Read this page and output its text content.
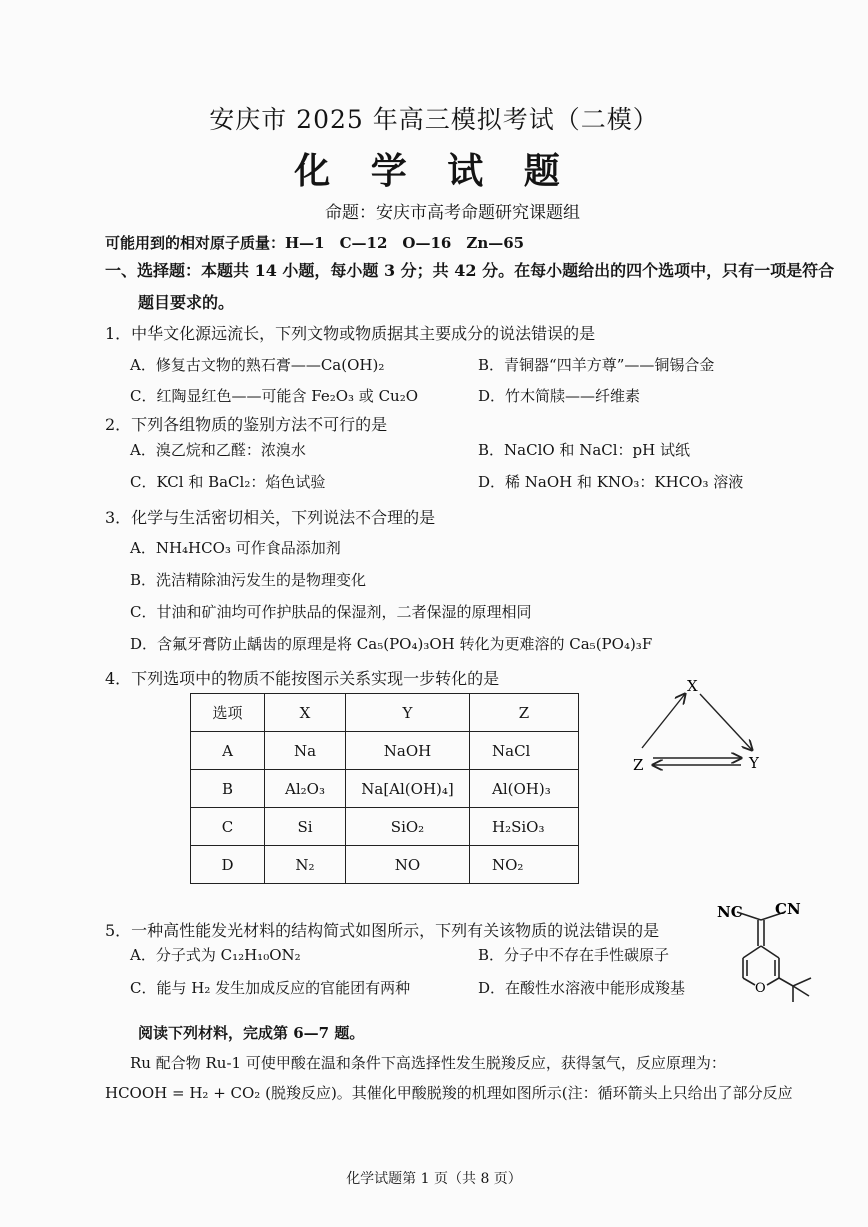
安庆市 2025 年高三模拟考试（二模）
化 学 试 题
命题：安庆市高考命题研究课题组
可能用到的相对原子质量：H—1　C—12　O—16　Zn—65
一、选择题：本题共 14 小题，每小题 3 分；共 42 分。在每小题给出的四个选项中，只有一项是符合
题目要求的。
1．中华文化源远流长，下列文物或物质据其主要成分的说法错误的是
A．修复古文物的熟石膏——Ca(OH)₂	B．青铜器“四羊方尊”——铜锡合金
C．红陶显红色——可能含 Fe₂O₃ 或 Cu₂O	D．竹木简牍——纤维素
2．下列各组物质的鉴别方法不可行的是
A．溴乙烷和乙醛：浓溴水	B．NaClO 和 NaCl：pH 试纸
C．KCl 和 BaCl₂：焰色试验	D．稀 NaOH 和 KNO₃：KHCO₃ 溶液
3．化学与生活密切相关，下列说法不合理的是
A．NH₄HCO₃ 可作食品添加剂
B．洗洁精除油污发生的是物理变化
C．甘油和矿油均可作护肤品的保湿剂，二者保湿的原理相同
D．含氟牙膏防止龋齿的原理是将 Ca₅(PO₄)₃OH 转化为更难溶的 Ca₅(PO₄)₃F
4．下列选项中的物质不能按图示关系实现一步转化的是
选项	X	Y	Z
A	Na	NaOH	NaCl
B	Al₂O₃	Na[Al(OH)₄]	Al(OH)₃
C	Si	SiO₂	H₂SiO₃
D	N₂	NO	NO₂
X
Z	Y
5．一种高性能发光材料的结构简式如图所示，下列有关该物质的说法错误的是
A．分子式为 C₁₂H₁₀ON₂	B．分子中不存在手性碳原子
C．能与 H₂ 发生加成反应的官能团有两种	D．在酸性水溶液中能形成羧基
NC CN
O
阅读下列材料，完成第 6—7 题。
Ru 配合物 Ru-1 可使甲酸在温和条件下高选择性发生脱羧反应，获得氢气，反应原理为：
HCOOH = H₂ + CO₂ (脱羧反应)。其催化甲酸脱羧的机理如图所示(注：循环箭头上只给出了部分反应
化学试题第 1 页（共 8 页）
